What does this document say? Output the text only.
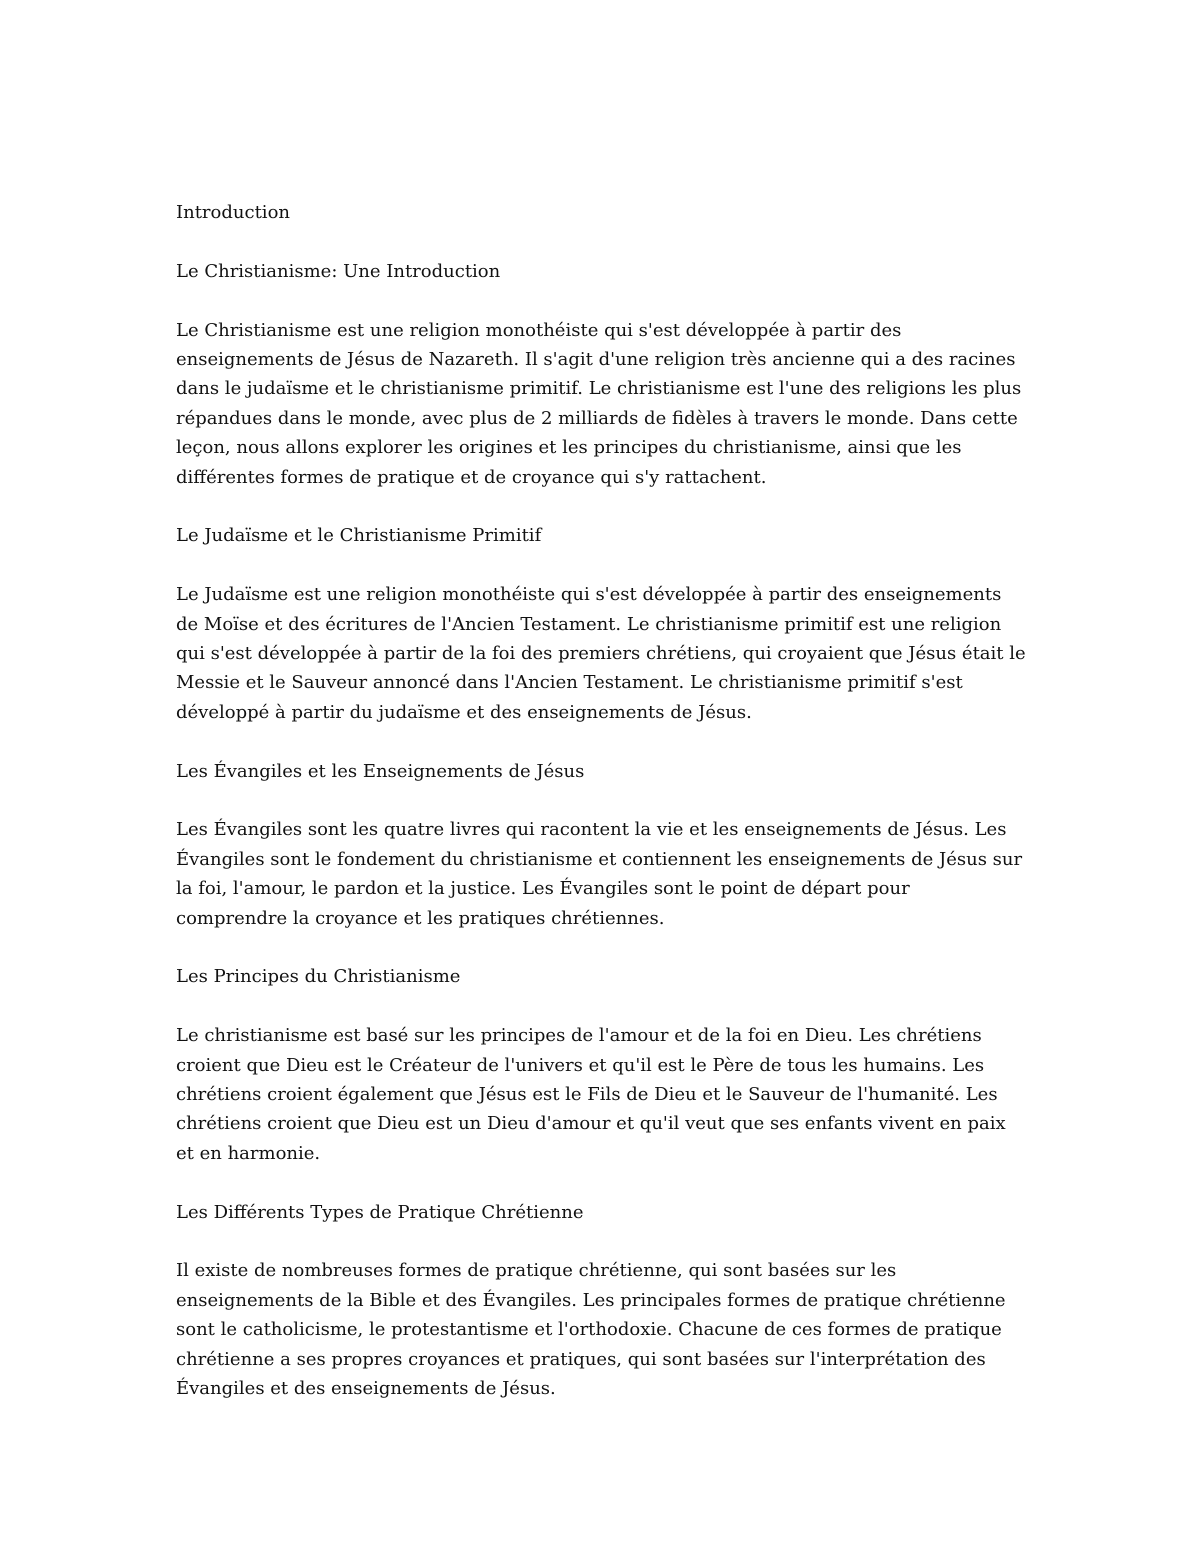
Introduction

Le Christianisme: Une Introduction

Le Christianisme est une religion monothéiste qui s'est développée à partir des enseignements de Jésus de Nazareth. Il s'agit d'une religion très ancienne qui a des racines dans le judaïsme et le christianisme primitif. Le christianisme est l'une des religions les plus répandues dans le monde, avec plus de 2 milliards de fidèles à travers le monde. Dans cette leçon, nous allons explorer les origines et les principes du christianisme, ainsi que les différentes formes de pratique et de croyance qui s'y rattachent.

Le Judaïsme et le Christianisme Primitif

Le Judaïsme est une religion monothéiste qui s'est développée à partir des enseignements de Moïse et des écritures de l'Ancien Testament. Le christianisme primitif est une religion qui s'est développée à partir de la foi des premiers chrétiens, qui croyaient que Jésus était le Messie et le Sauveur annoncé dans l'Ancien Testament. Le christianisme primitif s'est développé à partir du judaïsme et des enseignements de Jésus.

Les Évangiles et les Enseignements de Jésus

Les Évangiles sont les quatre livres qui racontent la vie et les enseignements de Jésus. Les Évangiles sont le fondement du christianisme et contiennent les enseignements de Jésus sur la foi, l'amour, le pardon et la justice. Les Évangiles sont le point de départ pour comprendre la croyance et les pratiques chrétiennes.

Les Principes du Christianisme

Le christianisme est basé sur les principes de l'amour et de la foi en Dieu. Les chrétiens croient que Dieu est le Créateur de l'univers et qu'il est le Père de tous les humains. Les chrétiens croient également que Jésus est le Fils de Dieu et le Sauveur de l'humanité. Les chrétiens croient que Dieu est un Dieu d'amour et qu'il veut que ses enfants vivent en paix et en harmonie.

Les Différents Types de Pratique Chrétienne

Il existe de nombreuses formes de pratique chrétienne, qui sont basées sur les enseignements de la Bible et des Évangiles. Les principales formes de pratique chrétienne sont le catholicisme, le protestantisme et l'orthodoxie. Chacune de ces formes de pratique chrétienne a ses propres croyances et pratiques, qui sont basées sur l'interprétation des Évangiles et des enseignements de Jésus.
